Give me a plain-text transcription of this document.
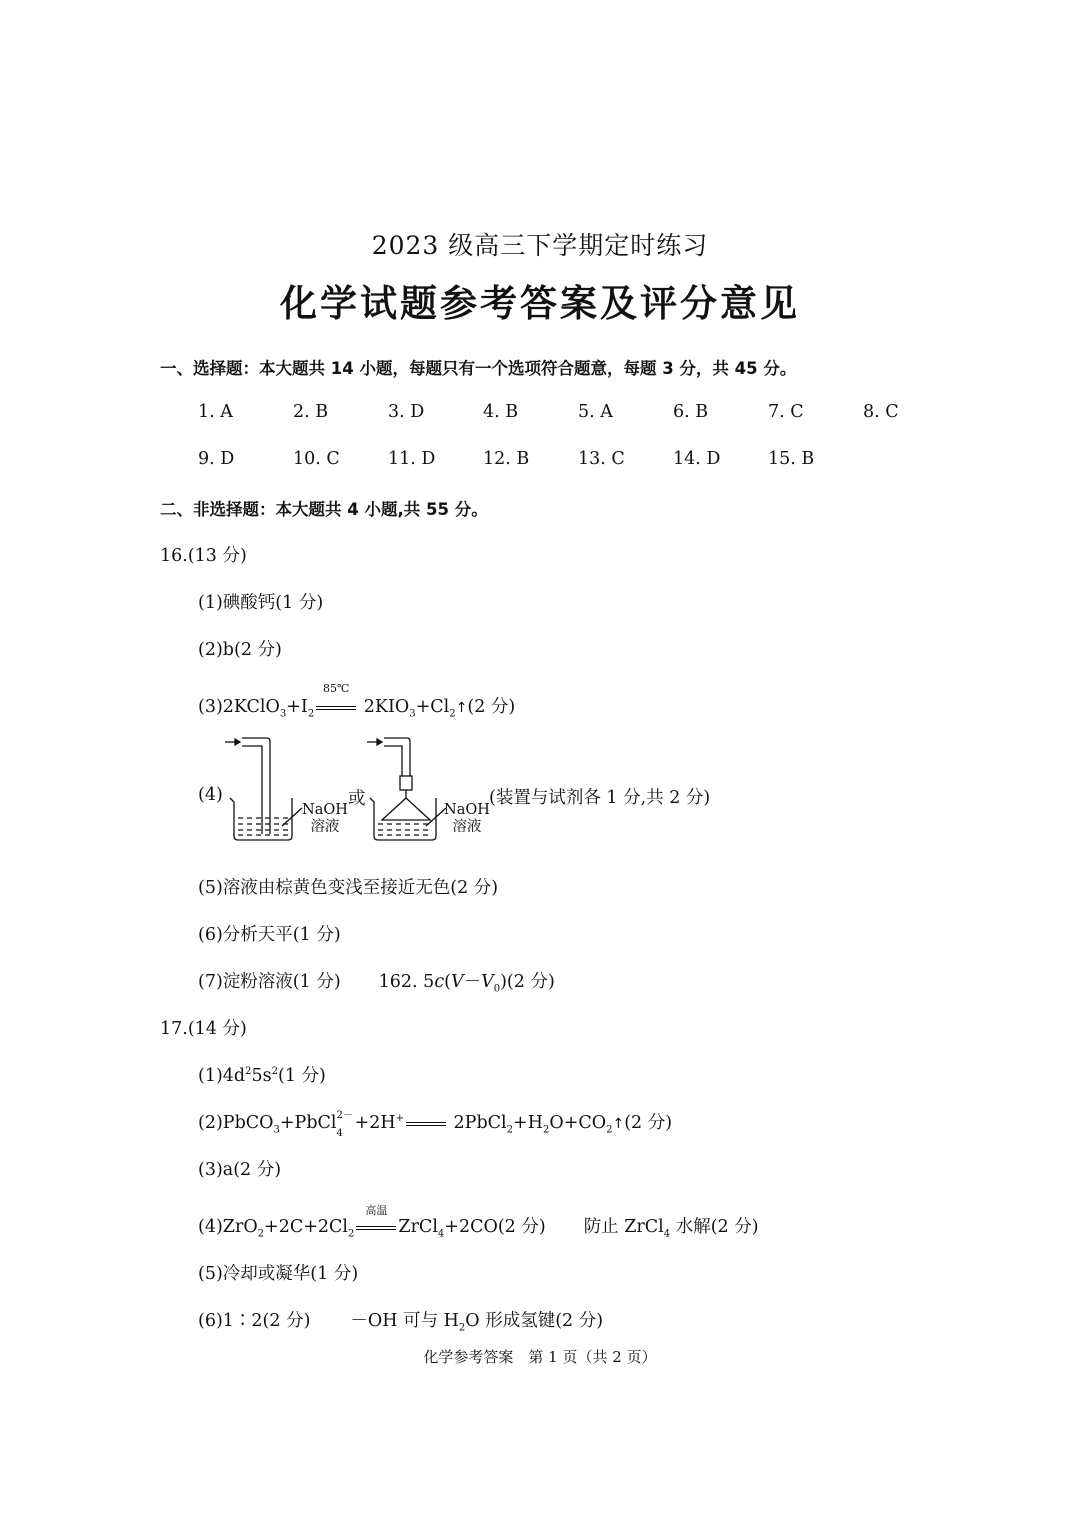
2023 级高三下学期定时练习
化学试题参考答案及评分意见
一、选择题：本大题共 14 小题，每题只有一个选项符合题意，每题 3 分，共 45 分。
1. A	2. B	3. D	4. B	5. A	6. B	7. C	8. C
9. D	10. C	11. D	12. B	13. C	14. D	15. B
二、非选择题：本大题共 4 小题,共 55 分。
16.(13 分)
(1)碘酸钙(1 分)
(2)b(2 分)
$(3)2KClO_3+I_2$
85℃
$2KIO_3+Cl_2↑(2$ 分)
(4)
NaOH
溶液
或
NaOH
溶液
(装置与试剂各 1 分,共 2 分)
(5)溶液由棕黄色变浅至接近无色(2 分)
(6)分析天平(1 分)
(7)淀粉溶液(1 分) 162. $5c(V-V_0)(2$ 分)
17.(14 分)
$(1)4d^25s^2(1$ 分)
(2)PbCO$_3$+PbCl 2－
4
+2H+	$2PbCl_2+H_2O+CO_2↑(2$ 分)
(3)a(2 分)
$(4)ZrO_2+2C+2Cl_2$
高温
ZrCl$_4$+2CO(2 分) 防止 ZrCl$_4$ 水解(2 分)
(5)冷却或凝华(1 分)
(6)1∶2(2 分) －OH 可与 $H_2O$ 形成氢键(2 分)
化学参考答案　第 1 页（共 2 页）
